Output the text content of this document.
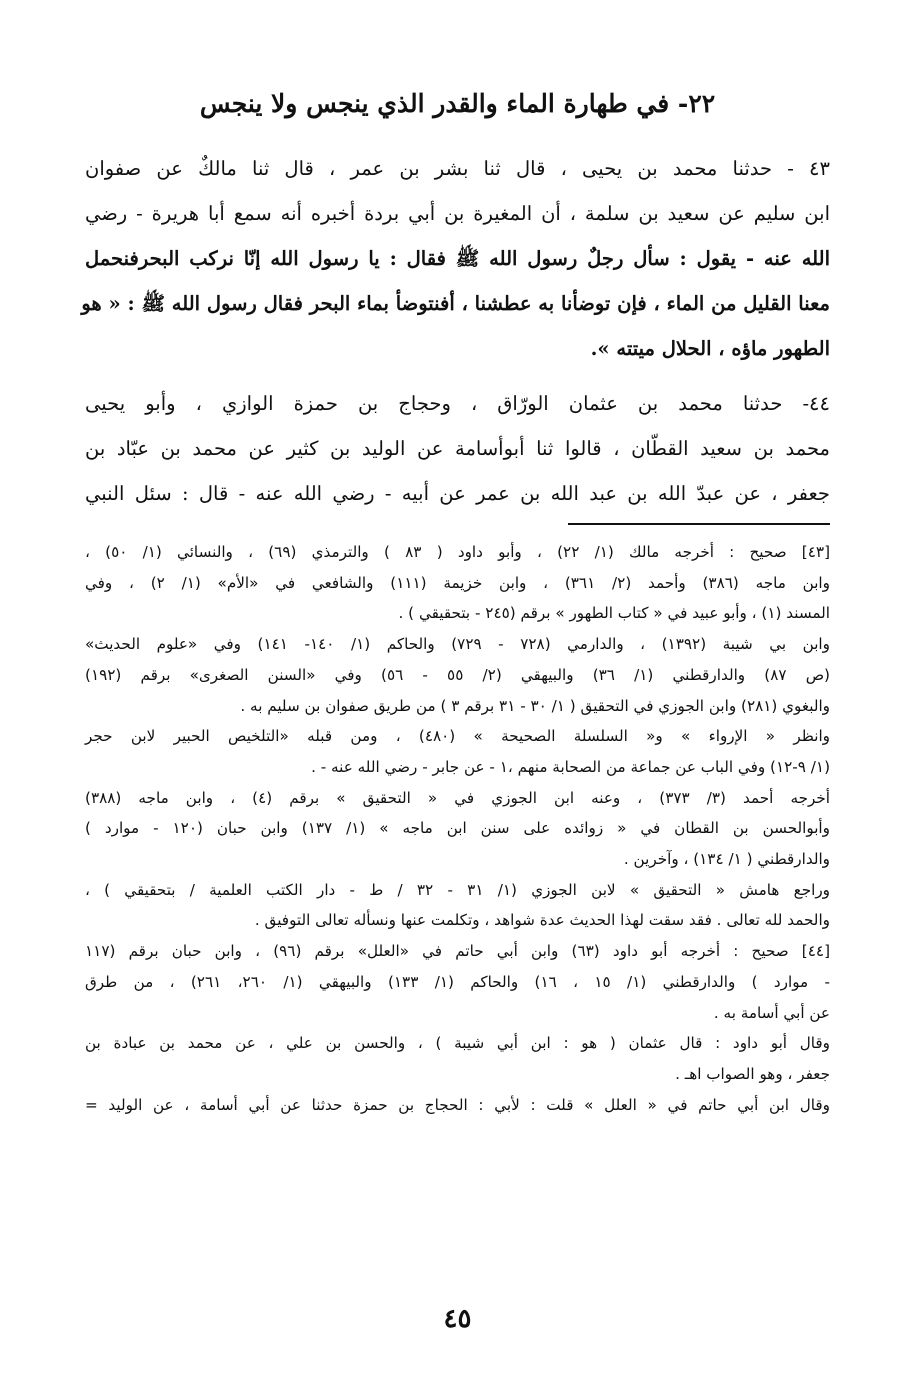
٢٢- في طهارة الماء والقدر الذي ينجس ولا ينجس
٤٣ - حدثنا محمد بن يحيى ، قال ثنا بشر بن عمر ، قال ثنا مالكٌ عن صفوان
ابن سليم عن سعيد بن سلمة ، أن المغيرة بن أبي بردة أخبره أنه سمع أبا هريرة - رضي
الله عنه - يقول : سأل رجلٌ رسول الله ﷺ فقال : يا رسول الله إنّا نركب البحرفنحمل
معنا القليل من الماء ، فإن توضأنا به عطشنا ، أفنتوضأ بماء البحر فقال رسول الله ﷺ : « هو
الطهور ماؤه ، الحلال ميتته ».
٤٤- حدثنا محمد بن عثمان الورّاق ، وحجاج بن حمزة الوازي ، وأبو يحيى
محمد بن سعيد القطّان ، قالوا ثنا أبوأسامة عن الوليد بن كثير عن محمد بن عبّاد بن
جعفر ، عن عبدّ الله بن عبد الله بن عمر عن أبيه - رضي الله عنه - قال : سئل النبي
[٤٣] صحيح : أخرجه مالك (١/ ٢٢) ، وأبو داود ( ٨٣ ) والترمذي (٦٩) ، والنسائي (١/ ٥٠) ،
وابن ماجه (٣٨٦) وأحمد (٢/ ٣٦١) ، وابن خزيمة (١١١) والشافعي في «الأم» (١/ ٢) ، وفي
المسند (١) ، وأبو عبيد في « كتاب الطهور » برقم (٢٤٥ - بتحقيقي ) .
وابن بي شيبة (١٣٩٢) ، والدارمي (٧٢٨ - ٧٢٩) والحاكم (١/ ١٤٠- ١٤١) وفي «علوم الحديث»
(ص ٨٧) والدارقطني (١/ ٣٦) والبيهقي (٢/ ٥٥ - ٥٦) وفي «السنن الصغرى» برقم (١٩٢)
والبغوي (٢٨١) وابن الجوزي في التحقيق ( ١/ ٣٠ - ٣١ برقم ٣ ) من طريق صفوان بن سليم به .
وانظر « الإرواء » و« السلسلة الصحيحة » (٤٨٠) ، ومن قبله «التلخيص الحبير لابن حجر
(١/ ٩-١٢) وفي الباب عن جماعة من الصحابة منهم ،١ - عن جابر - رضي الله عنه - .
أخرجه أحمد (٣/ ٣٧٣) ، وعنه ابن الجوزي في « التحقيق » برقم (٤) ، وابن ماجه (٣٨٨)
وأبوالحسن بن القطان في « زوائده على سنن ابن ماجه » (١/ ١٣٧) وابن حبان (١٢٠ - موارد )
والدارقطني ( ١/ ١٣٤) ، وآخرين .
وراجع هامش « التحقيق » لابن الجوزي (١/ ٣١ - ٣٢ / ط - دار الكتب العلمية / بتحقيقي ) ،
والحمد لله تعالى . فقد سقت لهذا الحديث عدة شواهد ، وتكلمت عنها ونسأله تعالى التوفيق .
[٤٤] صحيح : أخرجه أبو داود (٦٣) وابن أبي حاتم في «العلل» برقم (٩٦) ، وابن حبان برقم (١١٧
- موارد ) والدارقطني (١/ ١٥ ، ١٦) والحاكم (١/ ١٣٣) والبيهقي (١/ ٢٦٠، ٢٦١) ، من طرق
عن أبي أسامة به .
وقال أبو داود : قال عثمان ( هو : ابن أبي شيبة ) ، والحسن بن علي ، عن محمد بن عبادة بن
جعفر ، وهو الصواب اهـ .
وقال ابن أبي حاتم في « العلل » قلت : لأبي : الحجاج بن حمزة حدثنا عن أبي أسامة ، عن الوليد =
٤٥
